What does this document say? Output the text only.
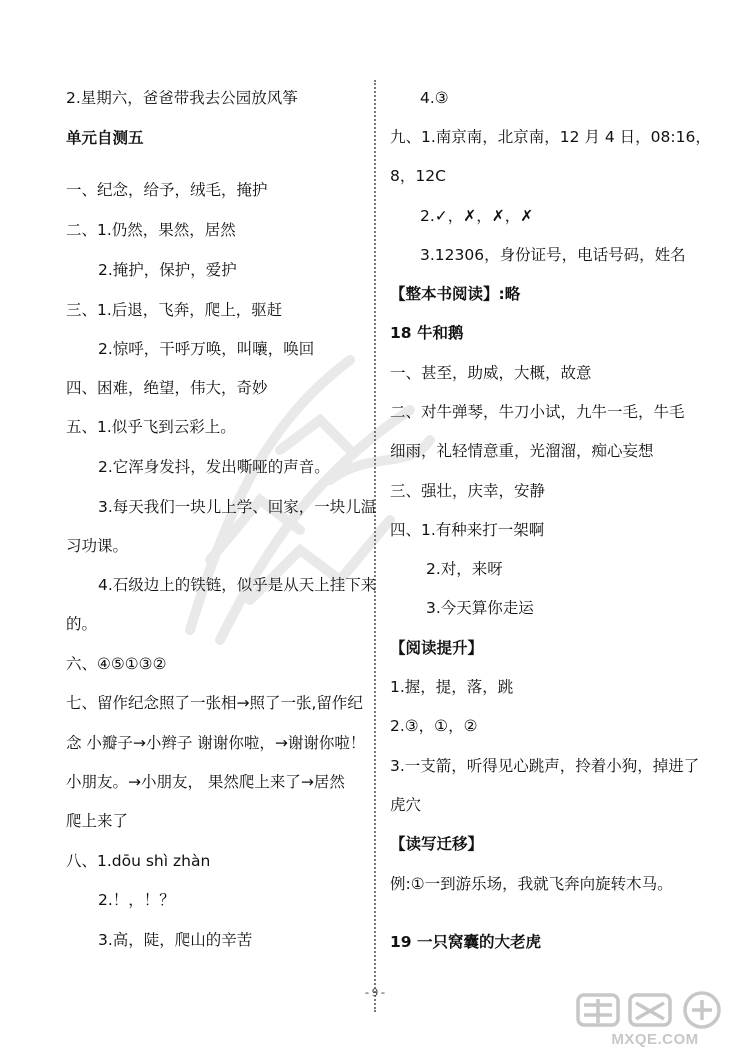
2.星期六，爸爸带我去公园放风筝
单元自测五
一、纪念，给予，绒毛，掩护
二、1.仍然，果然，居然
2.掩护，保护，爱护
三、1.后退，飞奔，爬上，驱赶
2.惊呼，干呼万唤，叫嚷，唤回
四、困难，绝望，伟大，奇妙
五、1.似乎飞到云彩上。
2.它浑身发抖，发出嘶哑的声音。
3.每天我们一块儿上学、回家，一块儿温
习功课。
4.石级边上的铁链，似乎是从天上挂下来
的。
六、④⑤①③②
七、留作纪念照了一张相→照了一张,留作纪
念 小瓣子→小辫子 谢谢你啦，→谢谢你啦！
小朋友。→小朋友， 果然爬上来了→居然
爬上来了
八、1.dōu shì zhàn
2.！，！？
3.高，陡，爬山的辛苦
4.③
九、1.南京南，北京南，12 月 4 日，08:16，
8，12C
2.✓，✗，✗，✗
3.12306，身份证号，电话号码，姓名
【整本书阅读】:略
18 牛和鹅
一、甚至，助威，大概，故意
二、对牛弹琴，牛刀小试，九牛一毛，牛毛
细雨，礼轻情意重，光溜溜，痴心妄想
三、强壮，庆幸，安静
四、1.有种来打一架啊
2.对，来呀
3.今天算你走运
【阅读提升】
1.握，提，落，跳
2.③，①，②
3.一支箭，听得见心跳声，拎着小狗，掉进了
虎穴
【读写迁移】
例:①一到游乐场，我就飞奔向旋转木马。
19 一只窝囊的大老虎
- 9 -
MXQE.COM
